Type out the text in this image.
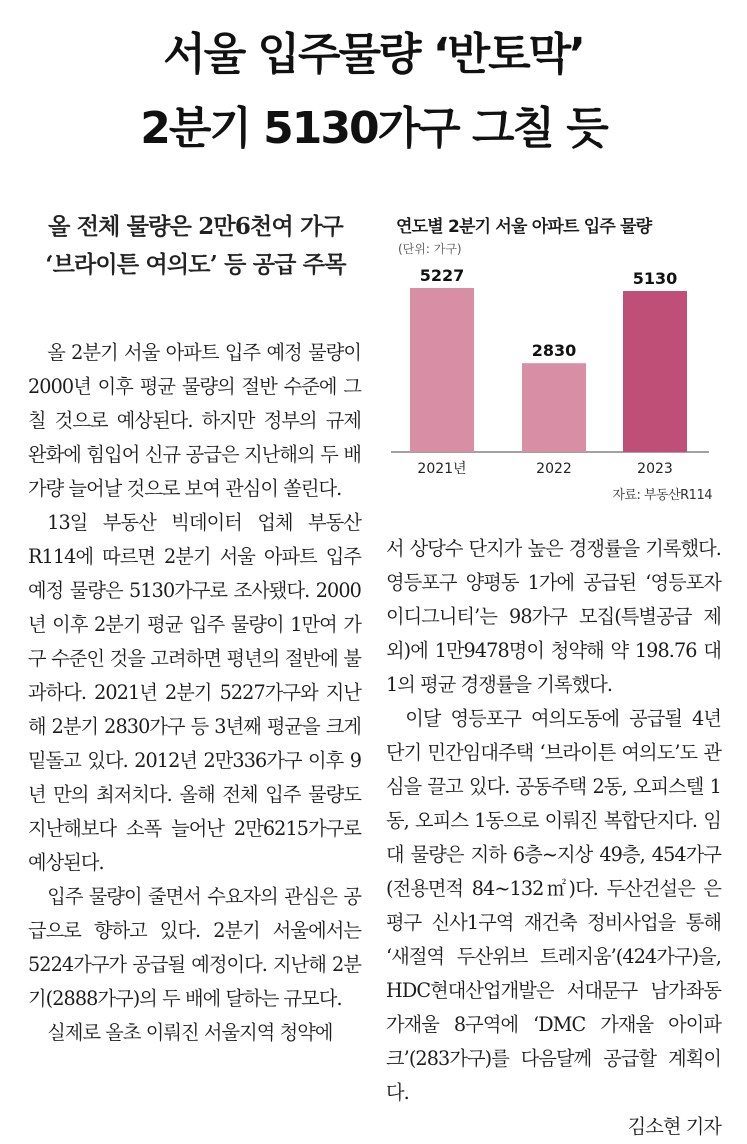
서울 입주물량 ‘반토막’
2분기 5130가구 그칠 듯
올 전체 물량은 2만6천여 가구
‘브라이튼 여의도’ 등 공급 주목

올 2분기 서울 아파트 입주 예정 물량이 2000년 이후 평균 물량의 절반 수준에 그칠 것으로 예상된다. 하지만 정부의 규제 완화에 힘입어 신규 공급은 지난해의 두 배가량 늘어날 것으로 보여 관심이 쏠린다.

13일 부동산 빅데이터 업체 부동산R114에 따르면 2분기 서울 아파트 입주 예정 물량은 5130가구로 조사됐다. 2000년 이후 2분기 평균 입주 물량이 1만여 가구 수준인 것을 고려하면 평년의 절반에 불과하다. 2021년 2분기 5227가구와 지난해 2분기 2830가구 등 3년째 평균을 크게 밑돌고 있다. 2012년 2만336가구 이후 9년 만의 최저치다. 올해 전체 입주 물량도 지난해보다 소폭 늘어난 2만6215가구로 예상된다.

입주 물량이 줄면서 수요자의 관심은 공급으로 향하고 있다. 2분기 서울에서는 5224가구가 공급될 예정이다. 지난해 2분기(2888가구)의 두 배에 달하는 규모다.

실제로 올초 이뤄진 서울지역 청약에

서 상당수 단지가 높은 경쟁률을 기록했다. 영등포구 양평동 1가에 공급된 ‘영등포자이디그니티’는 98가구 모집(특별공급 제외)에 1만9478명이 청약해 약 198.76 대 1의 평균 경쟁률을 기록했다.

이달 영등포구 여의도동에 공급될 4년 단기 민간임대주택 ‘브라이튼 여의도’도 관심을 끌고 있다. 공동주택 2동, 오피스텔 1동, 오피스 1동으로 이뤄진 복합단지다. 임대 물량은 지하 6층~지상 49층, 454가구(전용면적 84~132㎡)다. 두산건설은 은평구 신사1구역 재건축 정비사업을 통해 ‘새절역 두산위브 트레지움’(424가구)을, HDC현대산업개발은 서대문구 남가좌동 가재울 8구역에 ‘DMC 가재울 아이파크’(283가구)를 다음달께 공급할 계획이다.

김소현 기자
연도별 2분기 서울 아파트 입주 물량
(단위: 가구)
5227
2021년
2830
2022
5130
2023
자료: 부동산R114
